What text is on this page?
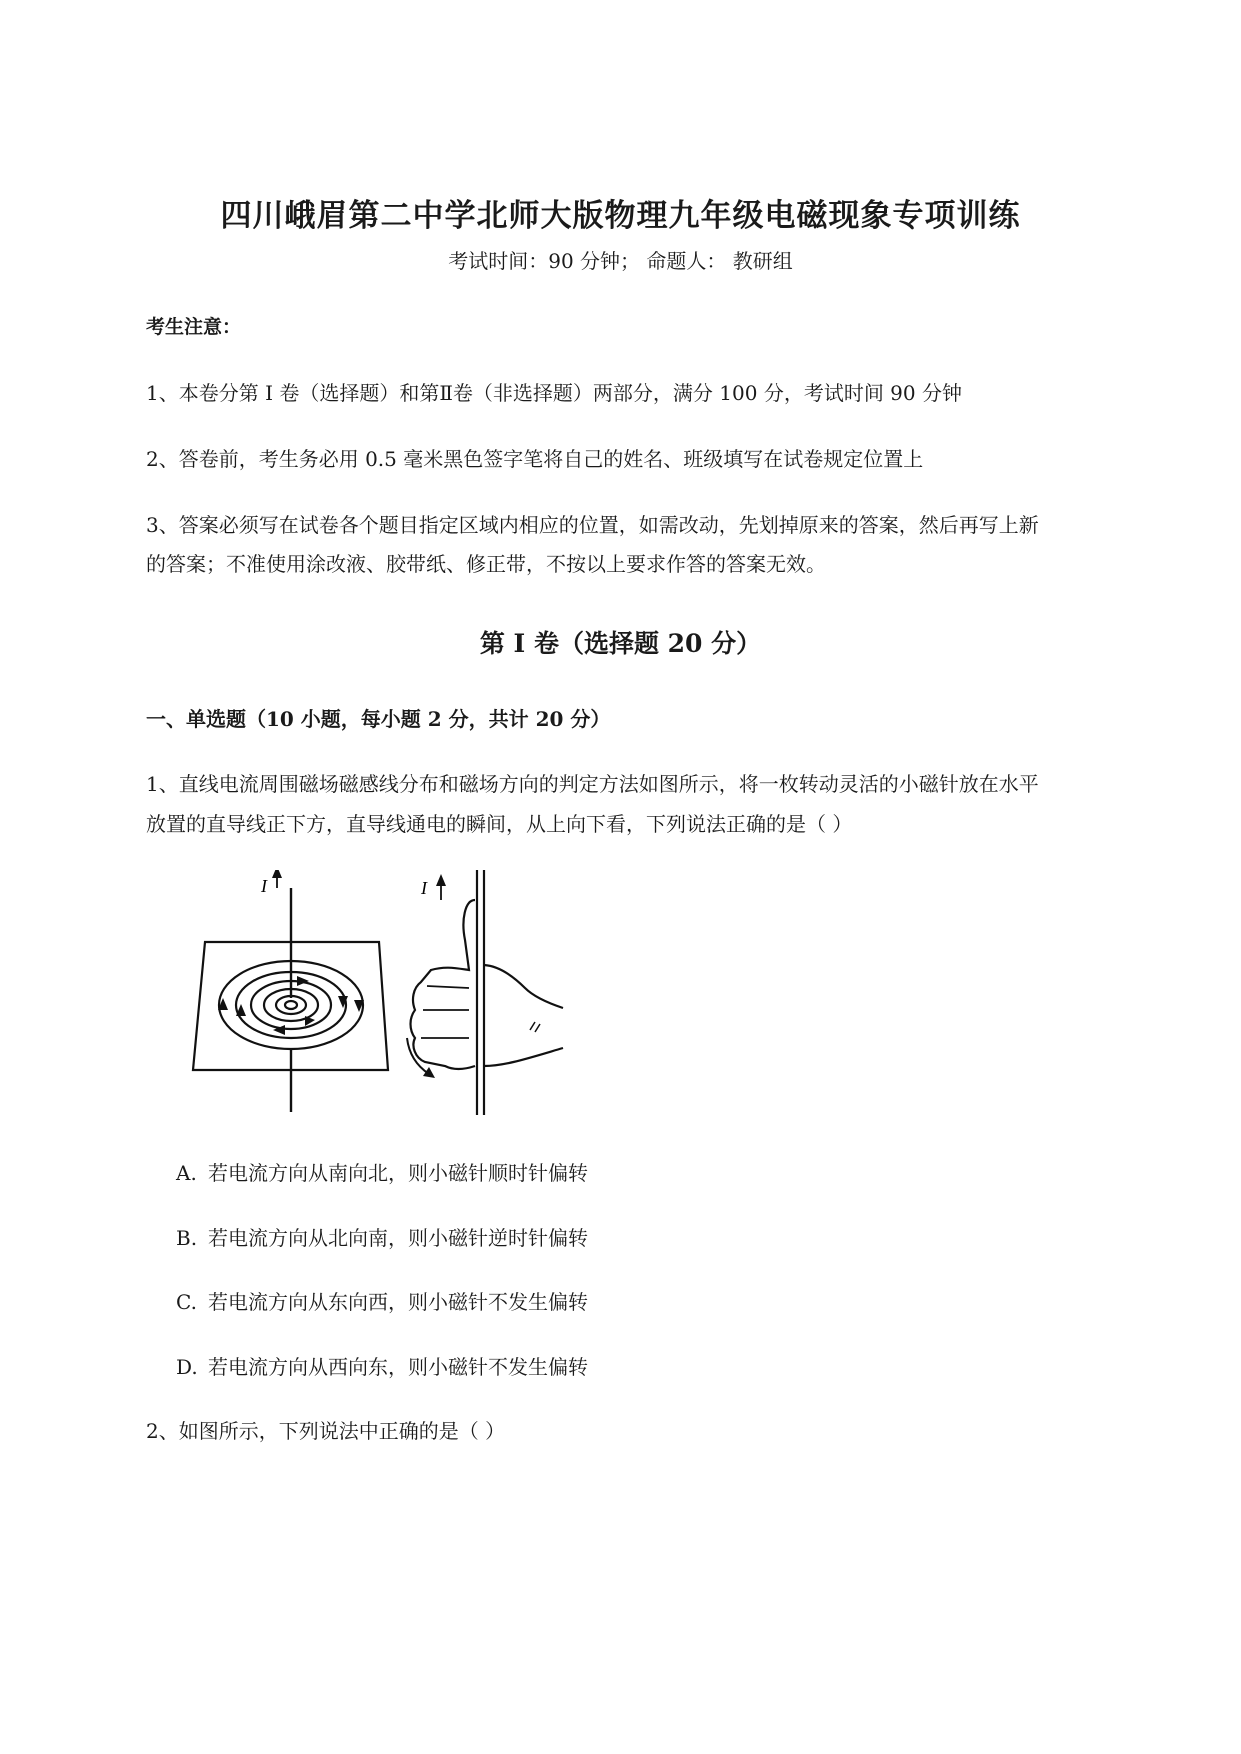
四川峨眉第二中学北师大版物理九年级电磁现象专项训练
考试时间：90 分钟； 命题人： 教研组
考生注意：
1、本卷分第 I 卷（选择题）和第Ⅱ卷（非选择题）两部分，满分 100 分，考试时间 90 分钟
2、答卷前，考生务必用 0.5 毫米黑色签字笔将自己的姓名、班级填写在试卷规定位置上
3、答案必须写在试卷各个题目指定区域内相应的位置，如需改动，先划掉原来的答案，然后再写上新
的答案；不准使用涂改液、胶带纸、修正带，不按以上要求作答的答案无效。
第 I 卷（选择题 20 分）
一、单选题（10 小题，每小题 2 分，共计 20 分）
1、直线电流周围磁场磁感线分布和磁场方向的判定方法如图所示，将一枚转动灵活的小磁针放在水平
放置的直导线正下方，直导线通电的瞬间，从上向下看，下列说法正确的是（ ）
I	I
A. 若电流方向从南向北，则小磁针顺时针偏转
B. 若电流方向从北向南，则小磁针逆时针偏转
C. 若电流方向从东向西，则小磁针不发生偏转
D. 若电流方向从西向东，则小磁针不发生偏转
2、如图所示，下列说法中正确的是（ ）
